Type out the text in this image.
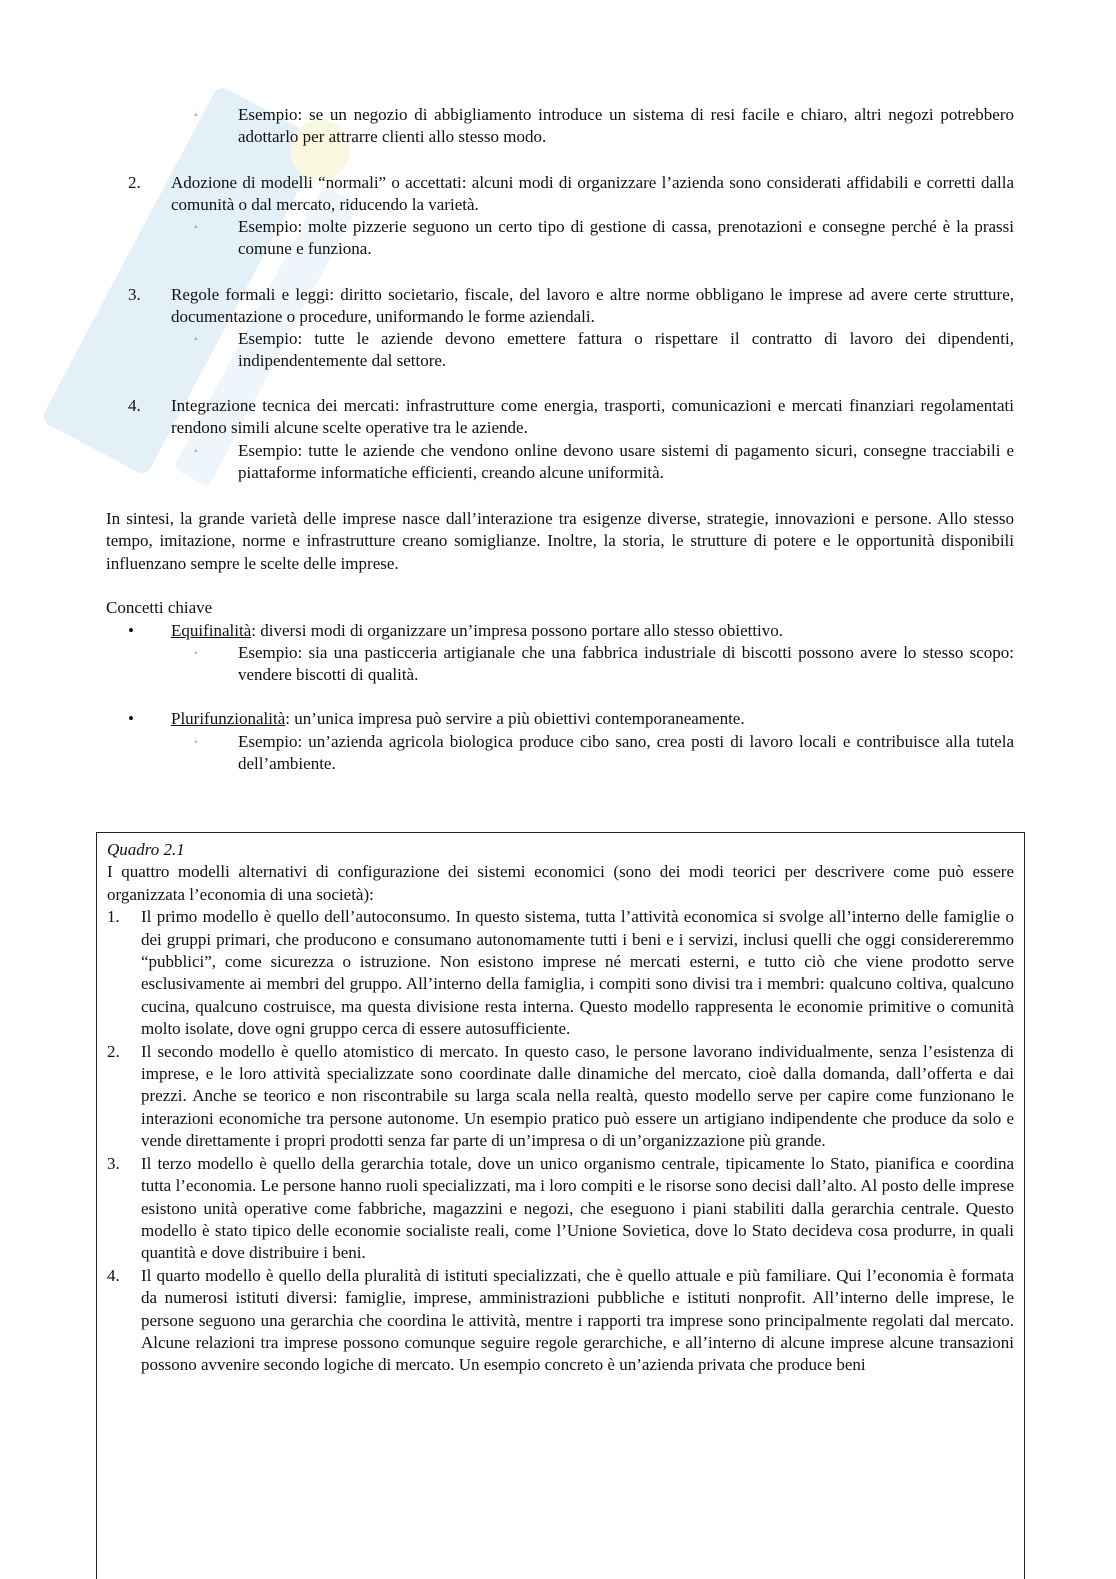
◦ Esempio: se un negozio di abbigliamento introduce un sistema di resi facile e chiaro, altri negozi potrebbero adottarlo per attrarre clienti allo stesso modo.
2. Adozione di modelli “normali” o accettati: alcuni modi di organizzare l’azienda sono considerati affidabili e corretti dalla comunità o dal mercato, riducendo la varietà.
◦ Esempio: molte pizzerie seguono un certo tipo di gestione di cassa, prenotazioni e consegne perché è la prassi comune e funziona.
3. Regole formali e leggi: diritto societario, fiscale, del lavoro e altre norme obbligano le imprese ad avere certe strutture, documentazione o procedure, uniformando le forme aziendali.
◦ Esempio: tutte le aziende devono emettere fattura o rispettare il contratto di lavoro dei dipendenti, indipendentemente dal settore.
4. Integrazione tecnica dei mercati: infrastrutture come energia, trasporti, comunicazioni e mercati finanziari regolamentati rendono simili alcune scelte operative tra le aziende.
◦ Esempio: tutte le aziende che vendono online devono usare sistemi di pagamento sicuri, consegne tracciabili e piattaforme informatiche efficienti, creando alcune uniformità.
In sintesi, la grande varietà delle imprese nasce dall’interazione tra esigenze diverse, strategie, innovazioni e persone. Allo stesso tempo, imitazione, norme e infrastrutture creano somiglianze. Inoltre, la storia, le strutture di potere e le opportunità disponibili influenzano sempre le scelte delle imprese.
Concetti chiave
• Equifinalità: diversi modi di organizzare un’impresa possono portare allo stesso obiettivo.
◦ Esempio: sia una pasticceria artigianale che una fabbrica industriale di biscotti possono avere lo stesso scopo: vendere biscotti di qualità.
• Plurifunzionalità: un’unica impresa può servire a più obiettivi contemporaneamente.
◦ Esempio: un’azienda agricola biologica produce cibo sano, crea posti di lavoro locali e contribuisce alla tutela dell’ambiente.
Quadro 2.1
I quattro modelli alternativi di configurazione dei sistemi economici (sono dei modi teorici per descrivere come può essere organizzata l’economia di una società):
1. Il primo modello è quello dell’autoconsumo. In questo sistema, tutta l’attività economica si svolge all’interno delle famiglie o dei gruppi primari, che producono e consumano autonomamente tutti i beni e i servizi, inclusi quelli che oggi considereremmo “pubblici”, come sicurezza o istruzione. Non esistono imprese né mercati esterni, e tutto ciò che viene prodotto serve esclusivamente ai membri del gruppo. All’interno della famiglia, i compiti sono divisi tra i membri: qualcuno coltiva, qualcuno cucina, qualcuno costruisce, ma questa divisione resta interna. Questo modello rappresenta le economie primitive o comunità molto isolate, dove ogni gruppo cerca di essere autosufficiente.
2. Il secondo modello è quello atomistico di mercato. In questo caso, le persone lavorano individualmente, senza l’esistenza di imprese, e le loro attività specializzate sono coordinate dalle dinamiche del mercato, cioè dalla domanda, dall’offerta e dai prezzi. Anche se teorico e non riscontrabile su larga scala nella realtà, questo modello serve per capire come funzionano le interazioni economiche tra persone autonome. Un esempio pratico può essere un artigiano indipendente che produce da solo e vende direttamente i propri prodotti senza far parte di un’impresa o di un’organizzazione più grande.
3. Il terzo modello è quello della gerarchia totale, dove un unico organismo centrale, tipicamente lo Stato, pianifica e coordina tutta l’economia. Le persone hanno ruoli specializzati, ma i loro compiti e le risorse sono decisi dall’alto. Al posto delle imprese esistono unità operative come fabbriche, magazzini e negozi, che eseguono i piani stabiliti dalla gerarchia centrale. Questo modello è stato tipico delle economie socialiste reali, come l’Unione Sovietica, dove lo Stato decideva cosa produrre, in quali quantità e dove distribuire i beni.
4. Il quarto modello è quello della pluralità di istituti specializzati, che è quello attuale e più familiare. Qui l’economia è formata da numerosi istituti diversi: famiglie, imprese, amministrazioni pubbliche e istituti nonprofit. All’interno delle imprese, le persone seguono una gerarchia che coordina le attività, mentre i rapporti tra imprese sono principalmente regolati dal mercato. Alcune relazioni tra imprese possono comunque seguire regole gerarchiche, e all’interno di alcune imprese alcune transazioni possono avvenire secondo logiche di mercato. Un esempio concreto è un’azienda privata che produce beni
